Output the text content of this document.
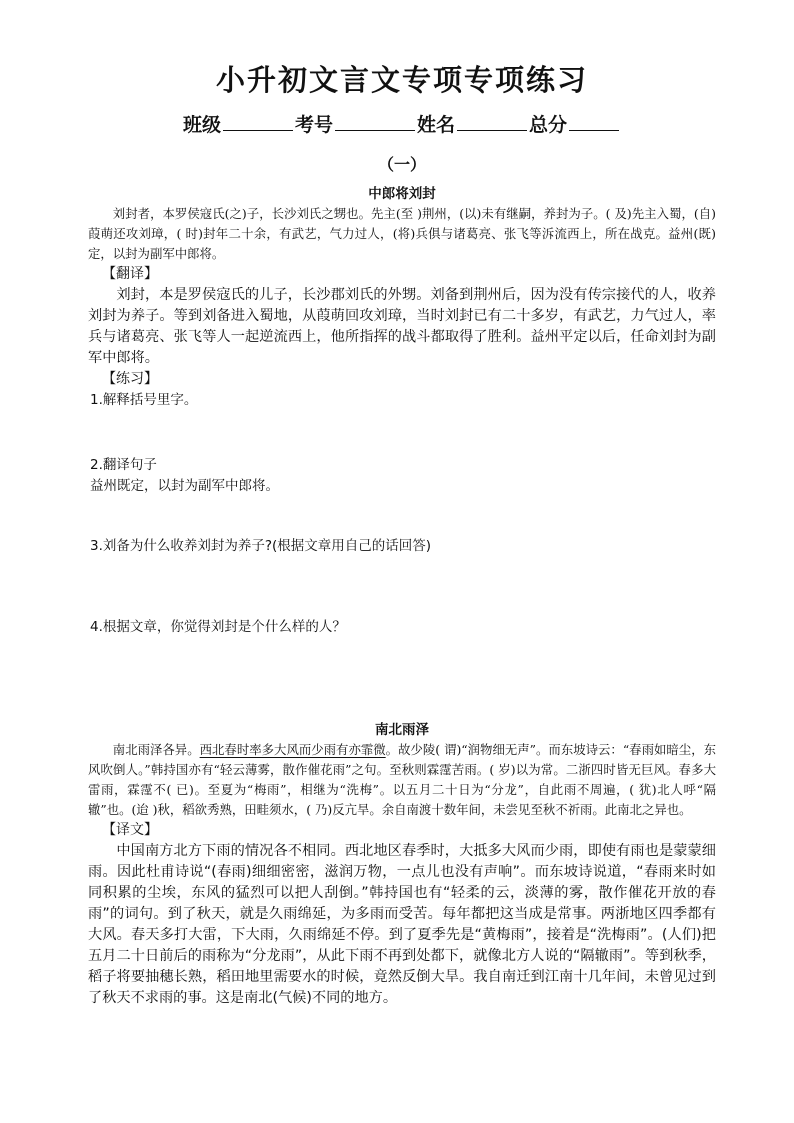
小升初文言文专项专项练习
班级	考号	姓名	总分
（一）
中郎将刘封

刘封者，本罗侯寇氏(之)子，长沙刘氏之甥也。先主(至 )荆州，(以)未有继嗣，养封为子。( 及)先主入蜀，(自)葭萌还攻刘璋，( 时)封年二十余，有武艺，气力过人，(将)兵俱与诸葛亮、张飞等泝流西上，所在战克。益州(既)定，以封为副军中郎将。

【翻译】

刘封，本是罗侯寇氏的儿子，长沙郡刘氏的外甥。刘备到荆州后，因为没有传宗接代的人，收养刘封为养子。等到刘备进入蜀地，从葭萌回攻刘璋，当时刘封已有二十多岁，有武艺，力气过人，率兵与诸葛亮、张飞等人一起逆流西上，他所指挥的战斗都取得了胜利。益州平定以后，任命刘封为副军中郎将。

【练习】
1.解释括号里字。
2.翻译句子
益州既定，以封为副军中郎将。
3.刘备为什么收养刘封为养子?(根据文章用自己的话回答)
4.根据文章，你觉得刘封是个什么样的人？
南北雨泽

南北雨泽各异。西北春时率多大风而少雨有亦霏微。故少陵( 谓)“润物细无声”。而东坡诗云：“春雨如暗尘，东风吹倒人。”韩持国亦有“轻云薄雾，散作催花雨”之句。至秋则霖霪苦雨。( 岁)以为常。二浙四时皆无巨风。春多大雷雨，霖霪不( 已)。至夏为“梅雨”，相继为“洗梅”。以五月二十日为“分龙”，自此雨不周遍，( 犹)北人呼“隔辙”也。(迨 )秋，稻欲秀熟，田畦须水，( 乃)反亢旱。余自南渡十数年间，未尝见至秋不祈雨。此南北之异也。

【译文】

中国南方北方下雨的情况各不相同。西北地区春季时，大抵多大风而少雨，即使有雨也是蒙蒙细雨。因此杜甫诗说“(春雨)细细密密，滋润万物，一点儿也没有声响”。而东坡诗说道，“春雨来时如同积累的尘埃，东风的猛烈可以把人刮倒。”韩持国也有“轻柔的云，淡薄的雾，散作催花开放的春雨”的词句。到了秋天，就是久雨绵延，为多雨而受苦。每年都把这当成是常事。两浙地区四季都有大风。春天多打大雷，下大雨，久雨绵延不停。到了夏季先是“黄梅雨”，接着是“洗梅雨”。(人们)把五月二十日前后的雨称为“分龙雨”，从此下雨不再到处都下，就像北方人说的“隔辙雨”。等到秋季，稻子将要抽穗长熟，稻田地里需要水的时候，竟然反倒大旱。我自南迁到江南十几年间，未曾见过到了秋天不求雨的事。这是南北(气候)不同的地方。
